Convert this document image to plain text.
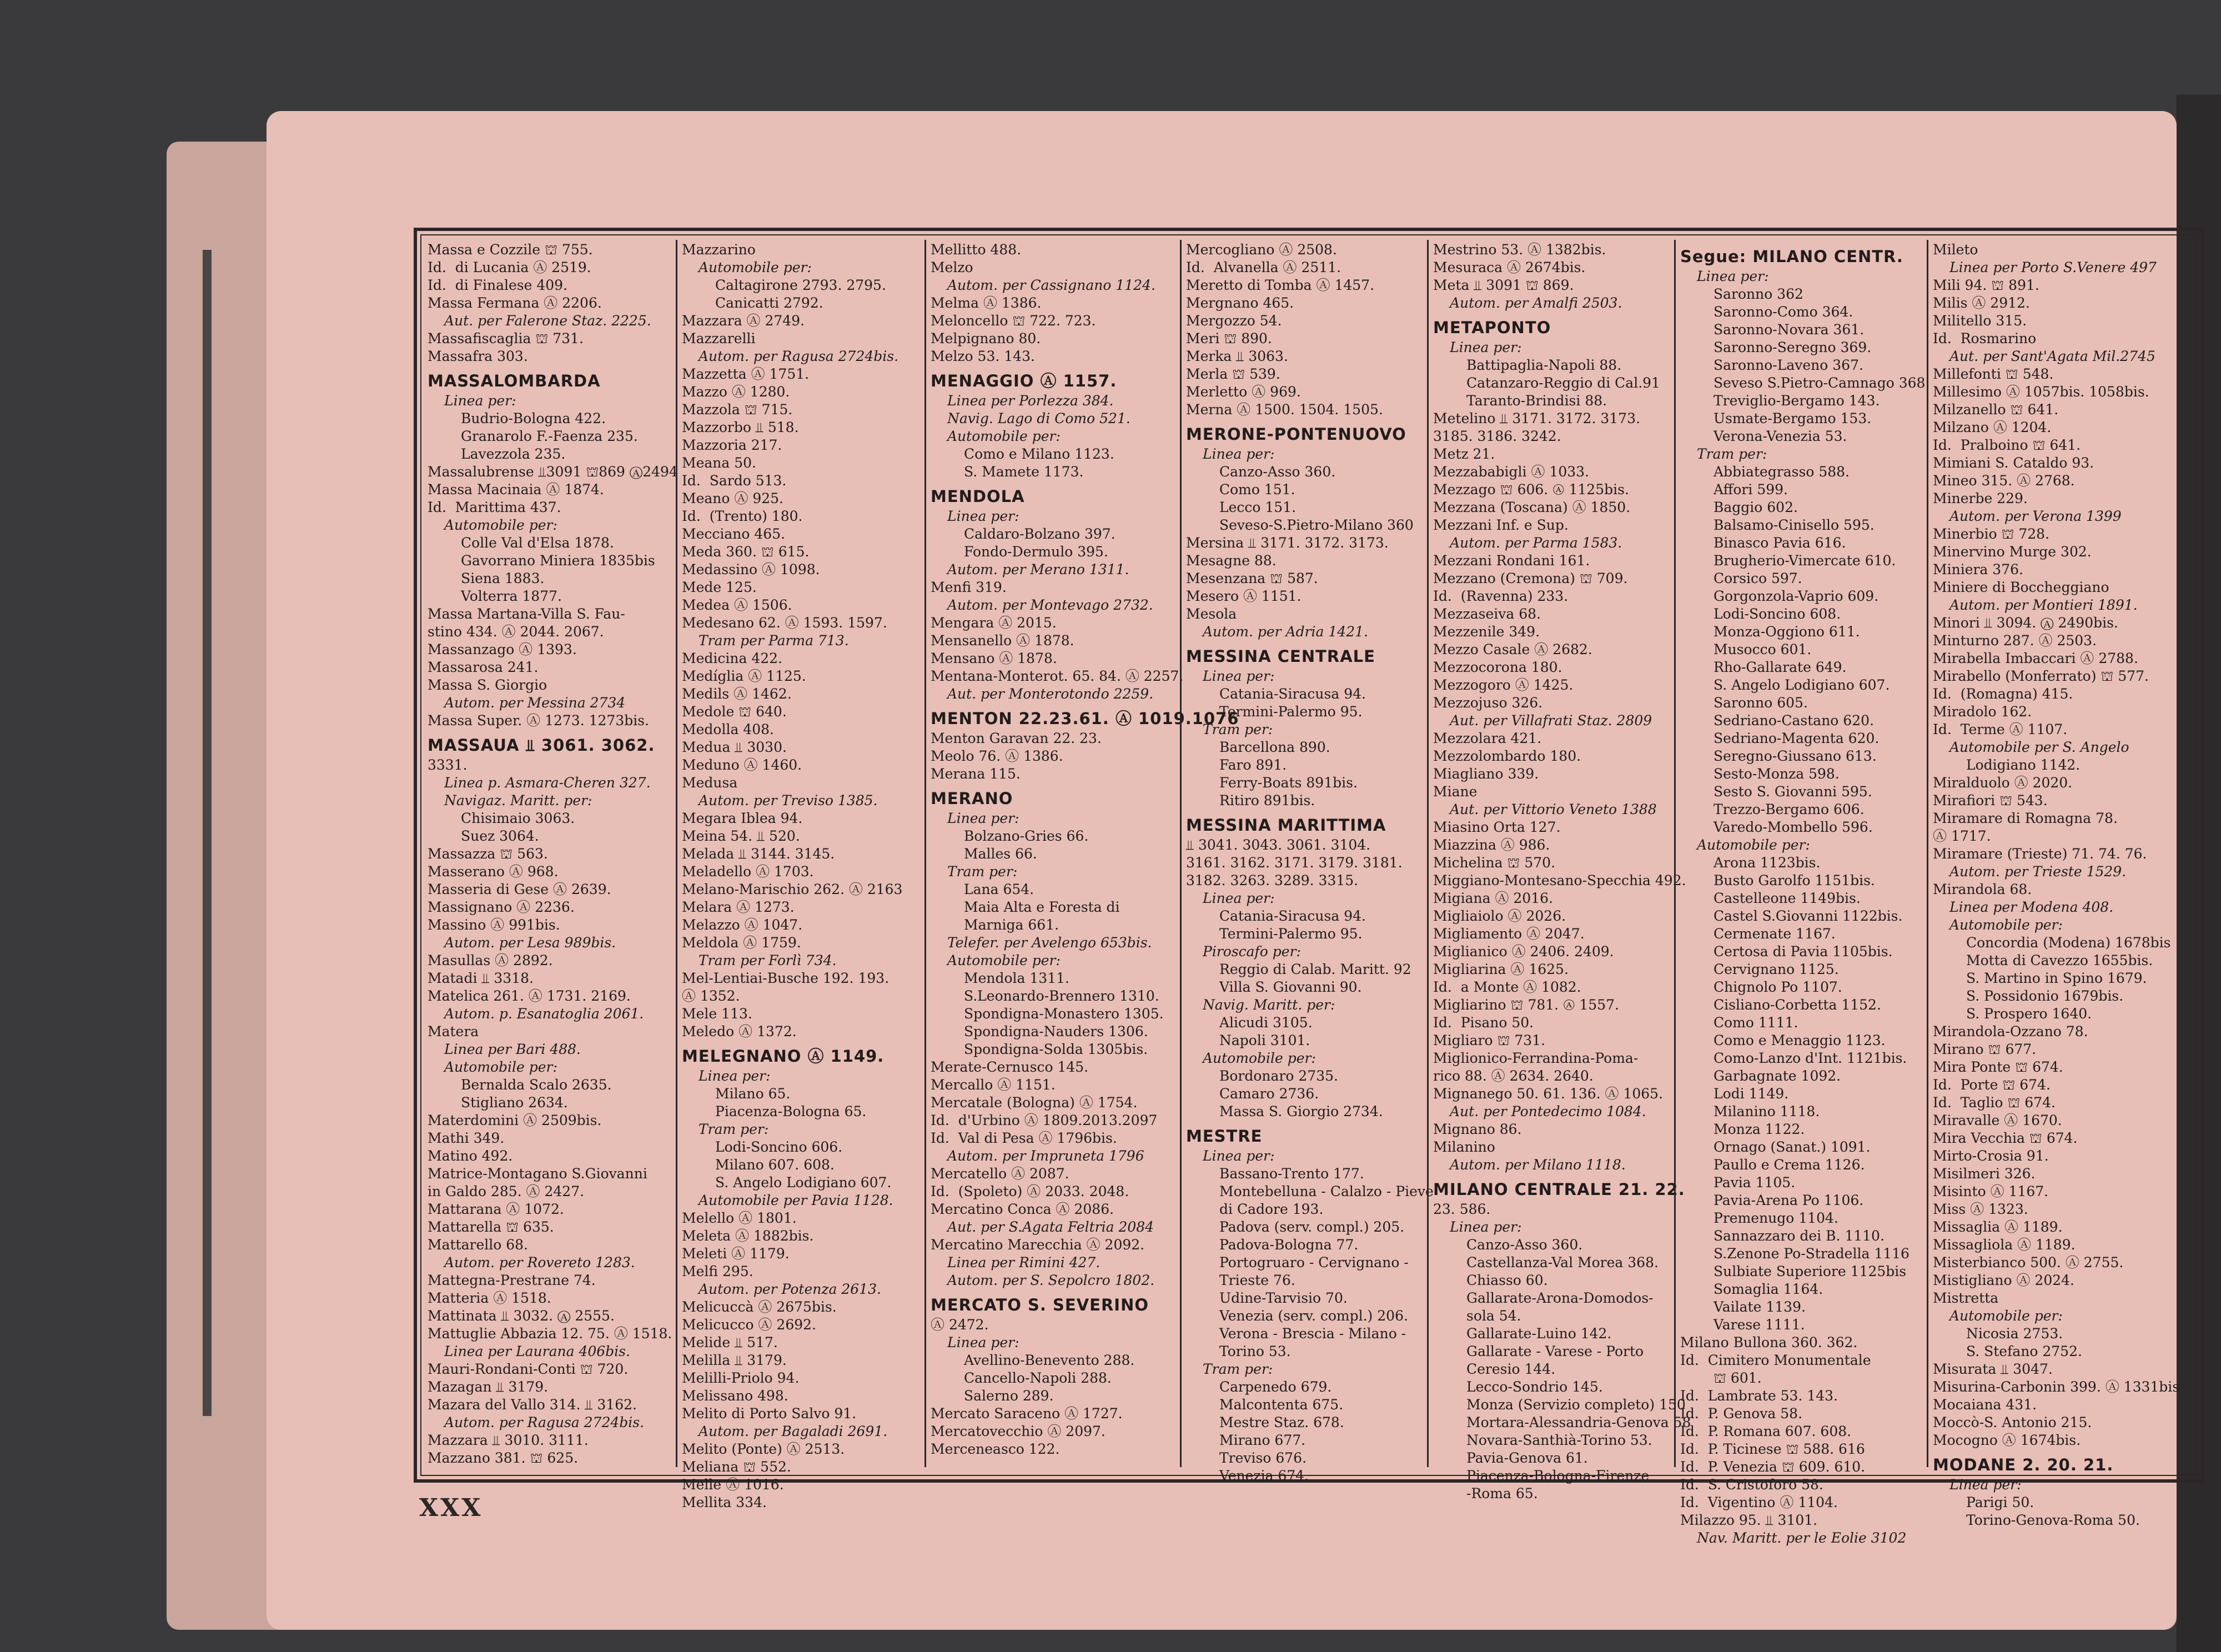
Massa e Cozzile ⛫ 755.
Id.  di Lucania Ⓐ 2519.
Id.  di Finalese 409.
Massa Fermana Ⓐ 2206.
Aut. per Falerone Staz. 2225.
Massafiscaglia ⛫ 731.
Massafra 303.
MASSALOMBARDA
Linea per:
Budrio-Bologna 422.
Granarolo F.-Faenza 235.
Lavezzola 235.
Massalubrense ⫫3091 ⛫869 Ⓐ2494
Massa Macinaia Ⓐ 1874.
Id.  Marittima 437.
Automobile per:
Colle Val d'Elsa 1878.
Gavorrano Miniera 1835bis
Siena 1883.
Volterra 1877.
Massa Martana-Villa S. Fau-
stino 434. Ⓐ 2044. 2067.
Massanzago Ⓐ 1393.
Massarosa 241.
Massa S. Giorgio
Autom. per Messina 2734
Massa Super. Ⓐ 1273. 1273bis.
MASSAUA ⫫ 3061. 3062.
3331.
Linea p. Asmara-Cheren 327.
Navigaz. Maritt. per:
Chisimaio 3063.
Suez 3064.
Massazza ⛫ 563.
Masserano Ⓐ 968.
Masseria di Gese Ⓐ 2639.
Massignano Ⓐ 2236.
Massino Ⓐ 991bis.
Autom. per Lesa 989bis.
Masullas Ⓐ 2892.
Matadi ⫫ 3318.
Matelica 261. Ⓐ 1731. 2169.
Autom. p. Esanatoglia 2061.
Matera
Linea per Bari 488.
Automobile per:
Bernalda Scalo 2635.
Stigliano 2634.
Materdomini Ⓐ 2509bis.
Mathi 349.
Matino 492.
Matrice-Montagano S.Giovanni
in Galdo 285. Ⓐ 2427.
Mattarana Ⓐ 1072.
Mattarella ⛫ 635.
Mattarello 68.
Autom. per Rovereto 1283.
Mattegna-Prestrane 74.
Matteria Ⓐ 1518.
Mattinata ⫫ 3032. Ⓐ 2555.
Mattuglie Abbazia 12. 75. Ⓐ 1518.
Linea per Laurana 406bis.
Mauri-Rondani-Conti ⛫ 720.
Mazagan ⫫ 3179.
Mazara del Vallo 314. ⫫ 3162.
Autom. per Ragusa 2724bis.
Mazzara ⫫ 3010. 3111.
Mazzano 381. ⛫ 625.
Mazzarino
Automobile per:
Caltagirone 2793. 2795.
Canicatti 2792.
Mazzara Ⓐ 2749.
Mazzarelli
Autom. per Ragusa 2724bis.
Mazzetta Ⓐ 1751.
Mazzo Ⓐ 1280.
Mazzola ⛫ 715.
Mazzorbo ⫫ 518.
Mazzoria 217.
Meana 50.
Id.  Sardo 513.
Meano Ⓐ 925.
Id.  (Trento) 180.
Mecciano 465.
Meda 360. ⛫ 615.
Medassino Ⓐ 1098.
Mede 125.
Medea Ⓐ 1506.
Medesano 62. Ⓐ 1593. 1597.
Tram per Parma 713.
Medicina 422.
Medíglia Ⓐ 1125.
Medils Ⓐ 1462.
Medole ⛫ 640.
Medolla 408.
Medua ⫫ 3030.
Meduno Ⓐ 1460.
Medusa
Autom. per Treviso 1385.
Megara Iblea 94.
Meina 54. ⫫ 520.
Melada ⫫ 3144. 3145.
Meladello Ⓐ 1703.
Melano-Marischio 262. Ⓐ 2163
Melara Ⓐ 1273.
Melazzo Ⓐ 1047.
Meldola Ⓐ 1759.
Tram per Forlì 734.
Mel-Lentiai-Busche 192. 193.
Ⓐ 1352.
Mele 113.
Meledo Ⓐ 1372.
MELEGNANO Ⓐ 1149.
Linea per:
Milano 65.
Piacenza-Bologna 65.
Tram per:
Lodi-Soncino 606.
Milano 607. 608.
S. Angelo Lodigiano 607.
Automobile per Pavia 1128.
Melello Ⓐ 1801.
Meleta Ⓐ 1882bis.
Meleti Ⓐ 1179.
Melfi 295.
Autom. per Potenza 2613.
Melicuccà Ⓐ 2675bis.
Melicucco Ⓐ 2692.
Melide ⫫ 517.
Melilla ⫫ 3179.
Melilli-Priolo 94.
Melissano 498.
Melito di Porto Salvo 91.
Autom. per Bagaladi 2691.
Melito (Ponte) Ⓐ 2513.
Meliana ⛫ 552.
Melle Ⓐ 1016.
Mellita 334.
Mellitto 488.
Melzo
Autom. per Cassignano 1124.
Melma Ⓐ 1386.
Meloncello ⛫ 722. 723.
Melpignano 80.
Melzo 53. 143.
MENAGGIO Ⓐ 1157.
Linea per Porlezza 384.
Navig. Lago di Como 521.
Automobile per:
Como e Milano 1123.
S. Mamete 1173.
MENDOLA
Linea per:
Caldaro-Bolzano 397.
Fondo-Dermulo 395.
Autom. per Merano 1311.
Menfi 319.
Autom. per Montevago 2732.
Mengara Ⓐ 2015.
Mensanello Ⓐ 1878.
Mensano Ⓐ 1878.
Mentana-Monterot. 65. 84. Ⓐ 2257.
Aut. per Monterotondo 2259.
MENTON 22.23.61. Ⓐ 1019.1076
Menton Garavan 22. 23.
Meolo 76. Ⓐ 1386.
Merana 115.
MERANO
Linea per:
Bolzano-Gries 66.
Malles 66.
Tram per:
Lana 654.
Maia Alta e Foresta di
Marniga 661.
Telefer. per Avelengo 653bis.
Automobile per:
Mendola 1311.
S.Leonardo-Brennero 1310.
Spondigna-Monastero 1305.
Spondigna-Nauders 1306.
Spondigna-Solda 1305bis.
Merate-Cernusco 145.
Mercallo Ⓐ 1151.
Mercatale (Bologna) Ⓐ 1754.
Id.  d'Urbino Ⓐ 1809.2013.2097
Id.  Val di Pesa Ⓐ 1796bis.
Autom. per Impruneta 1796
Mercatello Ⓐ 2087.
Id.  (Spoleto) Ⓐ 2033. 2048.
Mercatino Conca Ⓐ 2086.
Aut. per S.Agata Feltria 2084
Mercatino Marecchia Ⓐ 2092.
Linea per Rimini 427.
Autom. per S. Sepolcro 1802.
MERCATO S. SEVERINO
Ⓐ 2472.
Linea per:
Avellino-Benevento 288.
Cancello-Napoli 288.
Salerno 289.
Mercato Saraceno Ⓐ 1727.
Mercatovecchio Ⓐ 2097.
Merceneasco 122.
Mercogliano Ⓐ 2508.
Id.  Alvanella Ⓐ 2511.
Meretto di Tomba Ⓐ 1457.
Mergnano 465.
Mergozzo 54.
Meri ⛫ 890.
Merka ⫫ 3063.
Merla ⛫ 539.
Merletto Ⓐ 969.
Merna Ⓐ 1500. 1504. 1505.
MERONE-PONTENUOVO
Linea per:
Canzo-Asso 360.
Como 151.
Lecco 151.
Seveso-S.Pietro-Milano 360
Mersina ⫫ 3171. 3172. 3173.
Mesagne 88.
Mesenzana ⛫ 587.
Mesero Ⓐ 1151.
Mesola
Autom. per Adria 1421.
MESSINA CENTRALE
Linea per:
Catania-Siracusa 94.
Termini-Palermo 95.
Tram per:
Barcellona 890.
Faro 891.
Ferry-Boats 891bis.
Ritiro 891bis.
MESSINA MARITTIMA
⫫ 3041. 3043. 3061. 3104.
3161. 3162. 3171. 3179. 3181.
3182. 3263. 3289. 3315.
Linea per:
Catania-Siracusa 94.
Termini-Palermo 95.
Piroscafo per:
Reggio di Calab. Maritt. 92
Villa S. Giovanni 90.
Navig. Maritt. per:
Alicudi 3105.
Napoli 3101.
Automobile per:
Bordonaro 2735.
Camaro 2736.
Massa S. Giorgio 2734.
MESTRE
Linea per:
Bassano-Trento 177.
Montebelluna - Calalzo - Pieve
di Cadore 193.
Padova (serv. compl.) 205.
Padova-Bologna 77.
Portogruaro - Cervignano -
Trieste 76.
Udine-Tarvisio 70.
Venezia (serv. compl.) 206.
Verona - Brescia - Milano -
Torino 53.
Tram per:
Carpenedo 679.
Malcontenta 675.
Mestre Staz. 678.
Mirano 677.
Treviso 676.
Venezia 674.
Mestrino 53. Ⓐ 1382bis.
Mesuraca Ⓐ 2674bis.
Meta ⫫ 3091 ⛫ 869.
Autom. per Amalfi 2503.
METAPONTO
Linea per:
Battipaglia-Napoli 88.
Catanzaro-Reggio di Cal.91
Taranto-Brindisi 88.
Metelino ⫫ 3171. 3172. 3173.
3185. 3186. 3242.
Metz 21.
Mezzababigli Ⓐ 1033.
Mezzago ⛫ 606. Ⓐ 1125bis.
Mezzana (Toscana) Ⓐ 1850.
Mezzani Inf. e Sup.
Autom. per Parma 1583.
Mezzani Rondani 161.
Mezzano (Cremona) ⛫ 709.
Id.  (Ravenna) 233.
Mezzaseiva 68.
Mezzenile 349.
Mezzo Casale Ⓐ 2682.
Mezzocorona 180.
Mezzogoro Ⓐ 1425.
Mezzojuso 326.
Aut. per Villafrati Staz. 2809
Mezzolara 421.
Mezzolombardo 180.
Miagliano 339.
Miane
Aut. per Vittorio Veneto 1388
Miasino Orta 127.
Miazzina Ⓐ 986.
Michelina ⛫ 570.
Miggiano-Montesano-Specchia 492.
Migiana Ⓐ 2016.
Migliaiolo Ⓐ 2026.
Migliamento Ⓐ 2047.
Miglianico Ⓐ 2406. 2409.
Migliarina Ⓐ 1625.
Id.  a Monte Ⓐ 1082.
Migliarino ⛫ 781. Ⓐ 1557.
Id.  Pisano 50.
Migliaro ⛫ 731.
Miglionico-Ferrandina-Poma-
rico 88. Ⓐ 2634. 2640.
Mignanego 50. 61. 136. Ⓐ 1065.
Aut. per Pontedecimo 1084.
Mignano 86.
Milanino
Autom. per Milano 1118.
MILANO CENTRALE 21. 22.
23. 586.
Linea per:
Canzo-Asso 360.
Castellanza-Val Morea 368.
Chiasso 60.
Gallarate-Arona-Domodos-
sola 54.
Gallarate-Luino 142.
Gallarate - Varese - Porto
Ceresio 144.
Lecco-Sondrio 145.
Monza (Servizio completo) 150
Mortara-Alessandria-Genova 58
Novara-Santhià-Torino 53.
Pavia-Genova 61.
Piacenza-Bologna-Firenze
-Roma 65.
Segue: MILANO CENTR.
Linea per:
Saronno 362
Saronno-Como 364.
Saronno-Novara 361.
Saronno-Seregno 369.
Saronno-Laveno 367.
Seveso S.Pietro-Camnago 368.
Treviglio-Bergamo 143.
Usmate-Bergamo 153.
Verona-Venezia 53.
Tram per:
Abbiategrasso 588.
Affori 599.
Baggio 602.
Balsamo-Cinisello 595.
Binasco Pavia 616.
Brugherio-Vimercate 610.
Corsico 597.
Gorgonzola-Vaprio 609.
Lodi-Soncino 608.
Monza-Oggiono 611.
Musocco 601.
Rho-Gallarate 649.
S. Angelo Lodigiano 607.
Saronno 605.
Sedriano-Castano 620.
Sedriano-Magenta 620.
Seregno-Giussano 613.
Sesto-Monza 598.
Sesto S. Giovanni 595.
Trezzo-Bergamo 606.
Varedo-Mombello 596.
Automobile per:
Arona 1123bis.
Busto Garolfo 1151bis.
Castelleone 1149bis.
Castel S.Giovanni 1122bis.
Cermenate 1167.
Certosa di Pavia 1105bis.
Cervignano 1125.
Chignolo Po 1107.
Cisliano-Corbetta 1152.
Como 1111.
Como e Menaggio 1123.
Como-Lanzo d'Int. 1121bis.
Garbagnate 1092.
Lodi 1149.
Milanino 1118.
Monza 1122.
Ornago (Sanat.) 1091.
Paullo e Crema 1126.
Pavia 1105.
Pavia-Arena Po 1106.
Premenugo 1104.
Sannazzaro dei B. 1110.
S.Zenone Po-Stradella 1116
Sulbiate Superiore 1125bis
Somaglia 1164.
Vailate 1139.
Varese 1111.
Milano Bullona 360. 362.
Id.  Cimitero Monumentale
⛫ 601.
Id.  Lambrate 53. 143.
Id.  P. Genova 58.
Id.  P. Romana 607. 608.
Id.  P. Ticinese ⛫ 588. 616
Id.  P. Venezia ⛫ 609. 610.
Id.  S. Cristoforo 58.
Id.  Vigentino Ⓐ 1104.
Milazzo 95. ⫫ 3101.
Nav. Maritt. per le Eolie 3102
Mileto
Linea per Porto S.Venere 497
Mili 94. ⛫ 891.
Milis Ⓐ 2912.
Militello 315.
Id.  Rosmarino
Aut. per Sant'Agata Mil.2745
Millefonti ⛫ 548.
Millesimo Ⓐ 1057bis. 1058bis.
Milzanello ⛫ 641.
Milzano Ⓐ 1204.
Id.  Pralboino ⛫ 641.
Mimiani S. Cataldo 93.
Mineo 315. Ⓐ 2768.
Minerbe 229.
Autom. per Verona 1399
Minerbio ⛫ 728.
Minervino Murge 302.
Miniera 376.
Miniere di Boccheggiano
Autom. per Montieri 1891.
Minori ⫫ 3094. Ⓐ 2490bis.
Minturno 287. Ⓐ 2503.
Mirabella Imbaccari Ⓐ 2788.
Mirabello (Monferrato) ⛫ 577.
Id.  (Romagna) 415.
Miradolo 162.
Id.  Terme Ⓐ 1107.
Automobile per S. Angelo
Lodigiano 1142.
Miralduolo Ⓐ 2020.
Mirafiori ⛫ 543.
Miramare di Romagna 78.
Ⓐ 1717.
Miramare (Trieste) 71. 74. 76.
Autom. per Trieste 1529.
Mirandola 68.
Linea per Modena 408.
Automobile per:
Concordia (Modena) 1678bis
Motta di Cavezzo 1655bis.
S. Martino in Spino 1679.
S. Possidonio 1679bis.
S. Prospero 1640.
Mirandola-Ozzano 78.
Mirano ⛫ 677.
Mira Ponte ⛫ 674.
Id.  Porte ⛫ 674.
Id.  Taglio ⛫ 674.
Miravalle Ⓐ 1670.
Mira Vecchia ⛫ 674.
Mirto-Crosia 91.
Misilmeri 326.
Misinto Ⓐ 1167.
Miss Ⓐ 1323.
Missaglia Ⓐ 1189.
Missagliola Ⓐ 1189.
Misterbianco 500. Ⓐ 2755.
Mistigliano Ⓐ 2024.
Mistretta
Automobile per:
Nicosia 2753.
S. Stefano 2752.
Misurata ⫫ 3047.
Misurina-Carbonin 399. Ⓐ 1331bis
Mocaiana 431.
Moccò-S. Antonio 215.
Mocogno Ⓐ 1674bis.
MODANE 2. 20. 21.
Linea per:
Parigi 50.
Torino-Genova-Roma 50.
XXX
